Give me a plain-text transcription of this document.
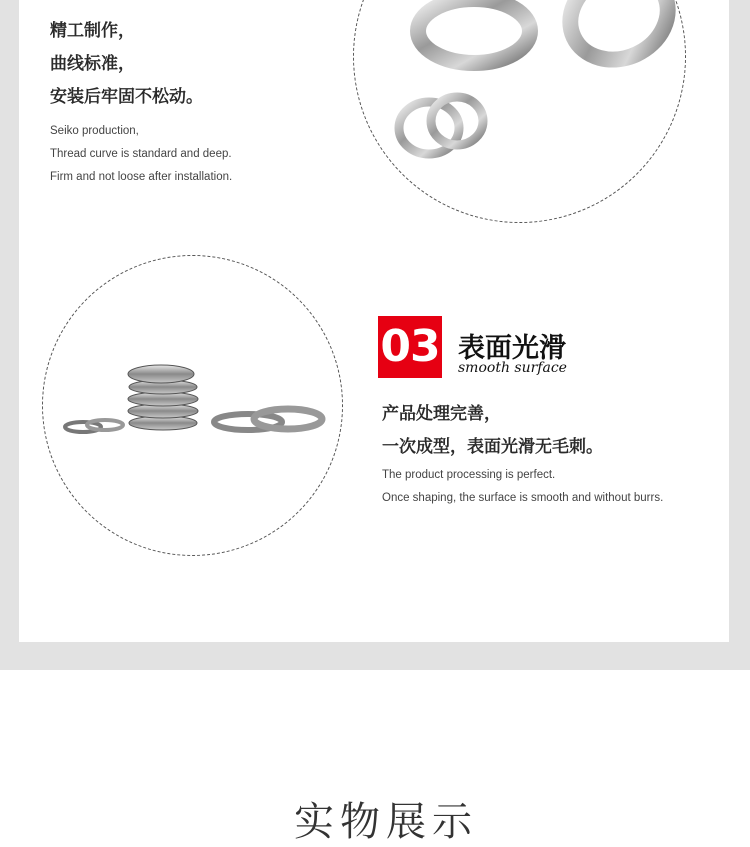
精工制作，
曲线标准，
安装后牢固不松动。
Seiko production,
Thread curve is standard and deep.
Firm and not loose after installation.
03 表面光滑
smooth surface
产品处理完善，
一次成型，表面光滑无毛刺。
The product processing is perfect.
Once shaping, the surface is smooth and without burrs.
实物展示
